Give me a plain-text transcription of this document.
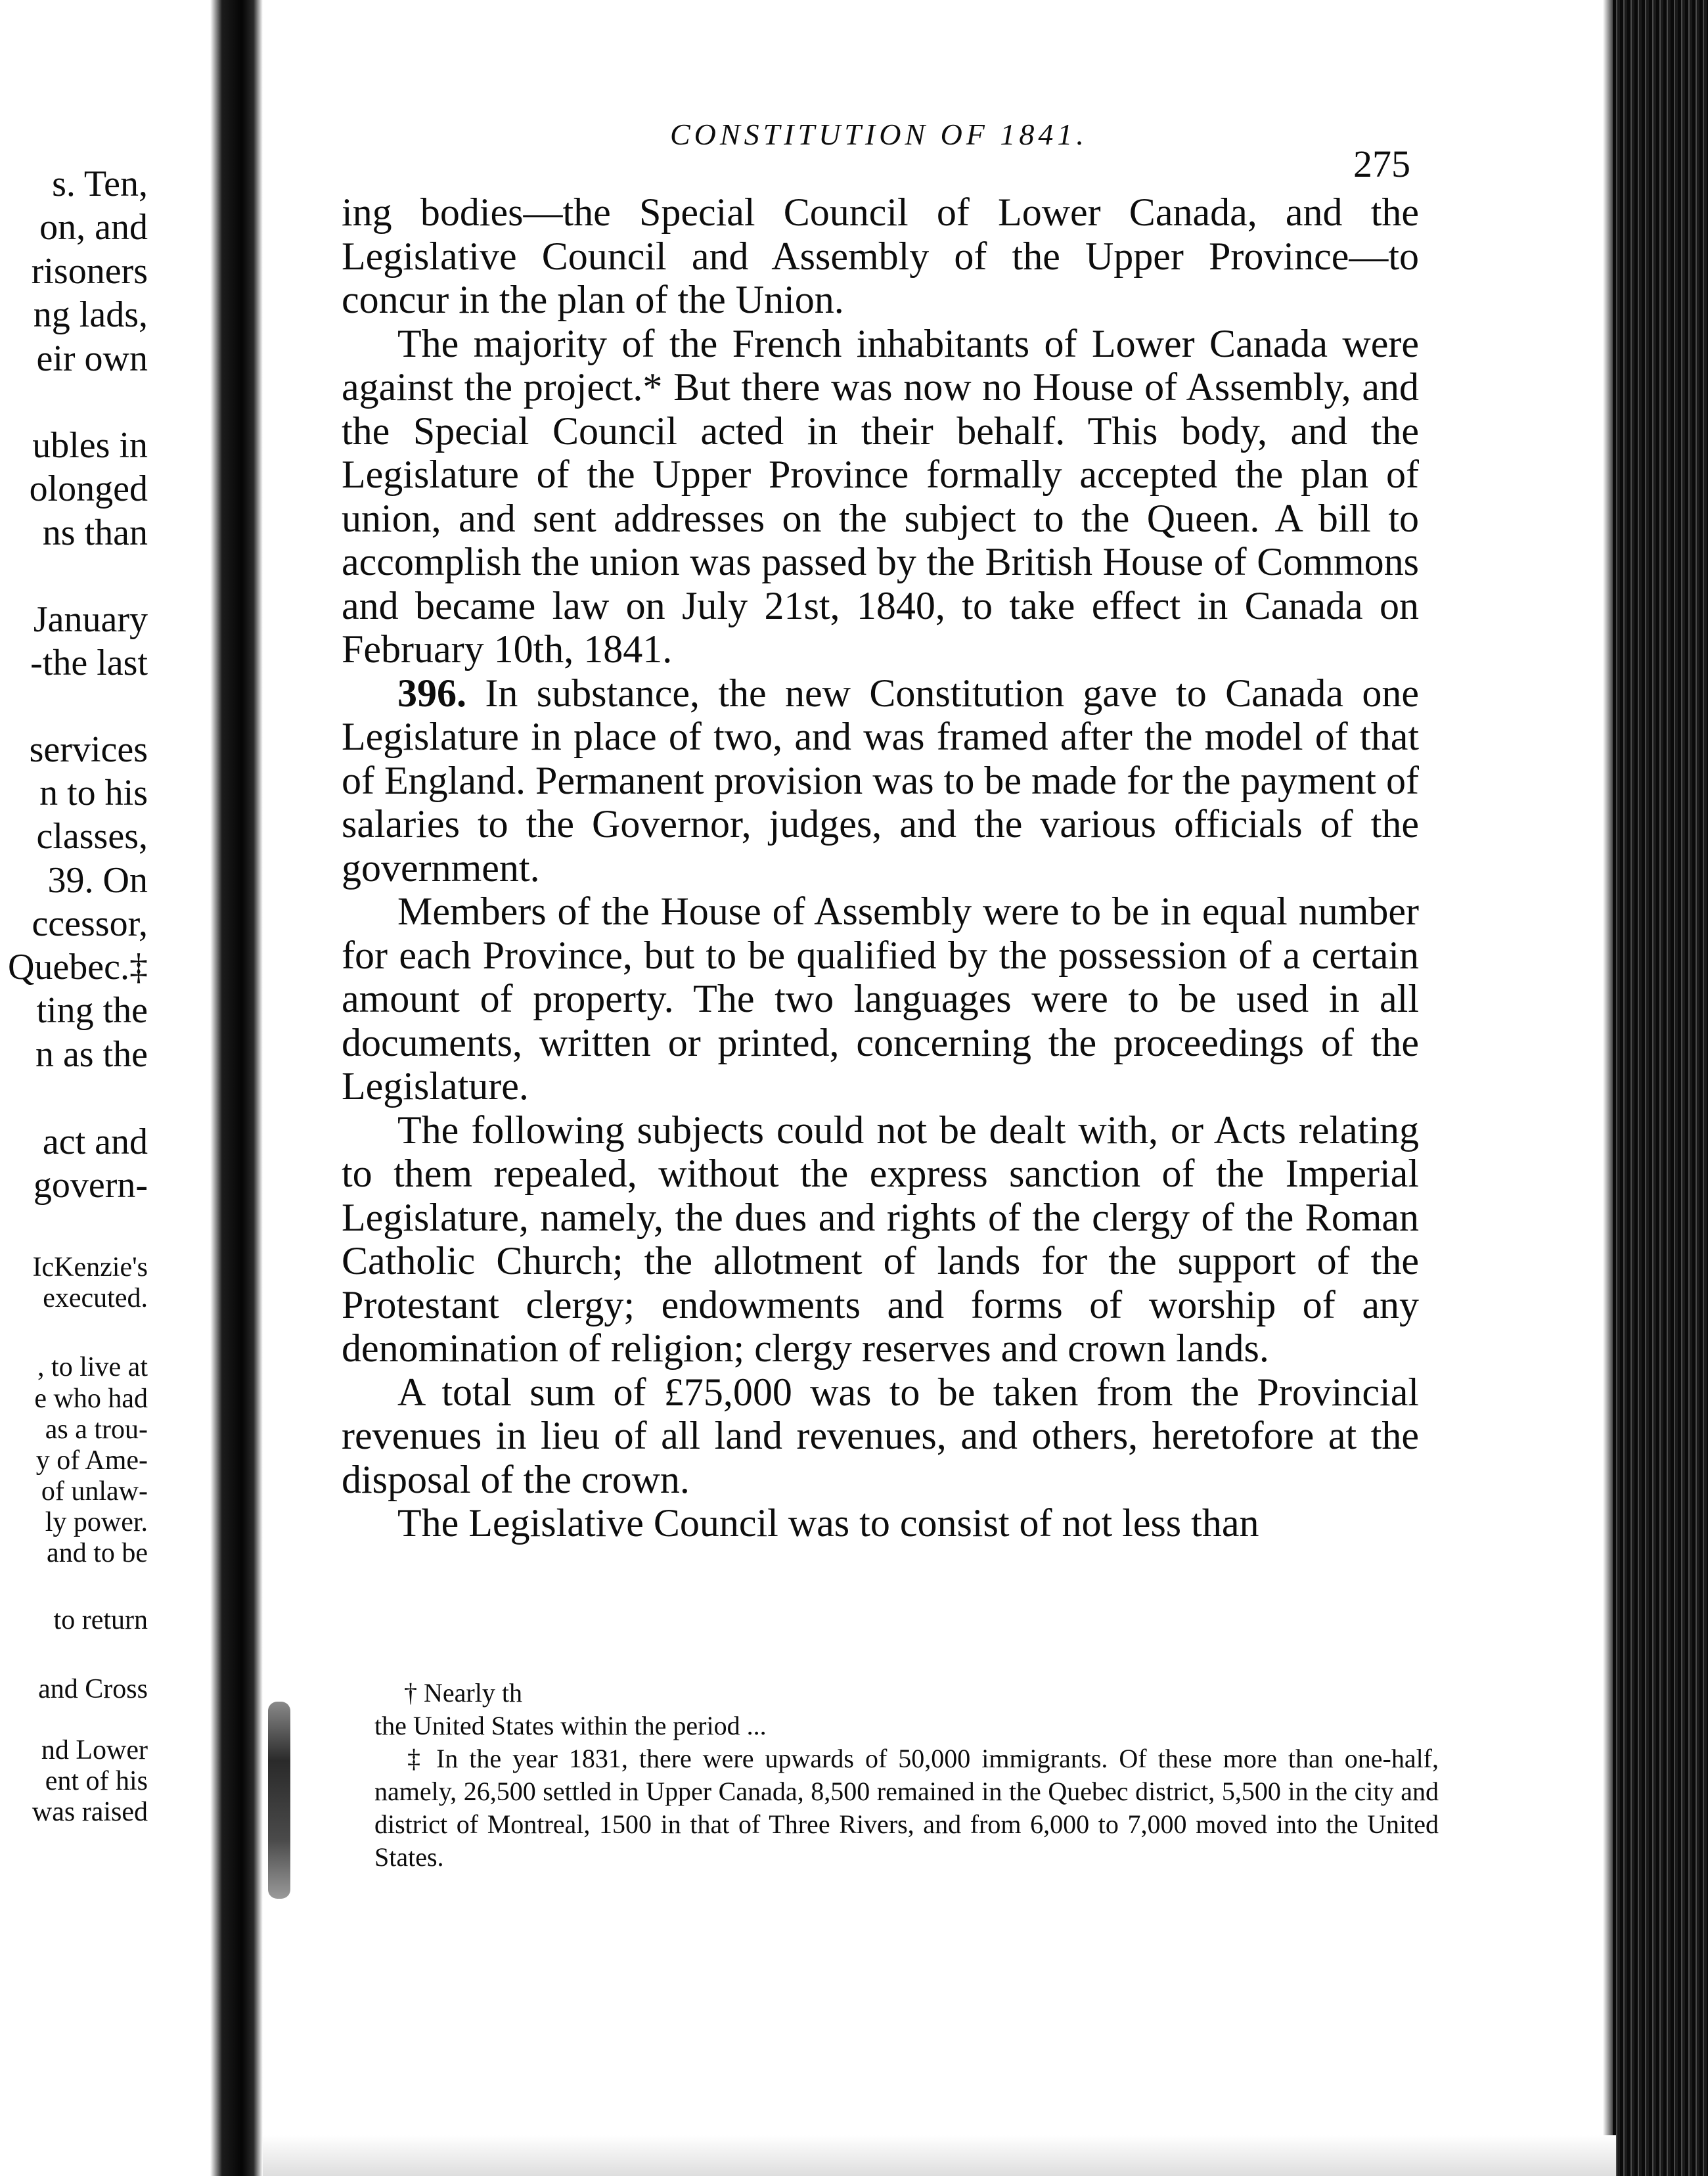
s. Ten,
on, and
risoners
ng lads,
eir own
ubles in
olonged
ns than
January
-the last
services
n to his
classes,
39. On
ccessor,
Quebec.‡
ting the
n as the
act and
govern-
IcKenzie's
executed.
, to live at
e who had
as a trou-
y of Ame-
of unlaw-
ly power.
and to be
to return
and Cross
nd Lower
ent of his
was raised
CONSTITUTION OF 1841.
275

ing bodies—the Special Council of Lower Canada, and the Legislative Council and Assembly of the Upper Province—to concur in the plan of the Union.

The majority of the French inhabitants of Lower Canada were against the project.* But there was now no House of Assembly, and the Special Council acted in their behalf. This body, and the Legislature of the Upper Province formally accepted the plan of union, and sent addresses on the subject to the Queen. A bill to accomplish the union was passed by the British House of Commons and became law on July 21st, 1840, to take effect in Canada on February 10th, 1841.

396. In substance, the new Constitution gave to Canada one Legislature in place of two, and was framed after the model of that of England. Permanent provision was to be made for the payment of salaries to the Governor, judges, and the various officials of the government.

Members of the House of Assembly were to be in equal number for each Province, but to be qualified by the possession of a certain amount of property. The two languages were to be used in all documents, written or printed, concerning the proceedings of the Legislature.

The following subjects could not be dealt with, or Acts relating to them repealed, without the express sanction of the Imperial Legislature, namely, the dues and rights of the clergy of the Roman Catholic Church; the allotment of lands for the support of the Protestant clergy; endowments and forms of worship of any denomination of religion; clergy reserves and crown lands.

A total sum of £75,000 was to be taken from the Provincial revenues in lieu of all land revenues, and others, heretofore at the disposal of the crown.

The Legislative Council was to consist of not less than

† Nearly th

the United States within the period ...

‡ In the year 1831, there were upwards of 50,000 immigrants. Of these more than one-half, namely, 26,500 settled in Upper Canada, 8,500 remained in the Quebec district, 5,500 in the city and district of Montreal, 1500 in that of Three Rivers, and from 6,000 to 7,000 moved into the United States.
